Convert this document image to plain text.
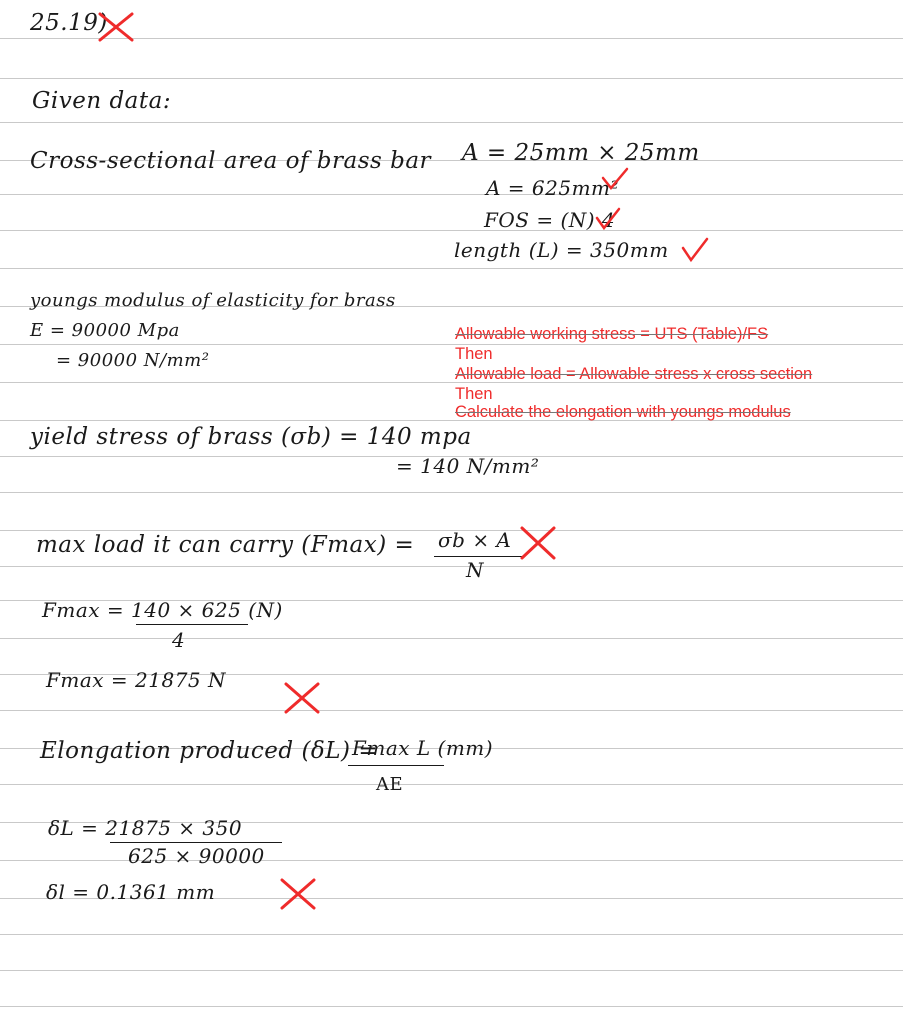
25.19)
Given data:
Cross-sectional area of brass bar A = 25mm × 25mm
A = 625mm²
FOS = (N) 4
length (L) = 350mm
youngs modulus of elasticity for brass
E = 90000 Mpa
= 90000 N/mm²
Allowable working stress = UTS (Table)/FS
Then
Allowable load = Allowable stress x cross section
Then
Calculate the elongation with youngs modulus
yield stress of brass (σb) = 140 mpa
= 140 N/mm²
max load it can carry (Fmax) = σb × A
N
Fmax = 140 × 625 (N)
4
Fmax = 21875 N
Elongation produced (δL) =
Fmax L (mm)
AE
δL = 21875 × 350
625 × 90000
δl = 0.1361 mm
